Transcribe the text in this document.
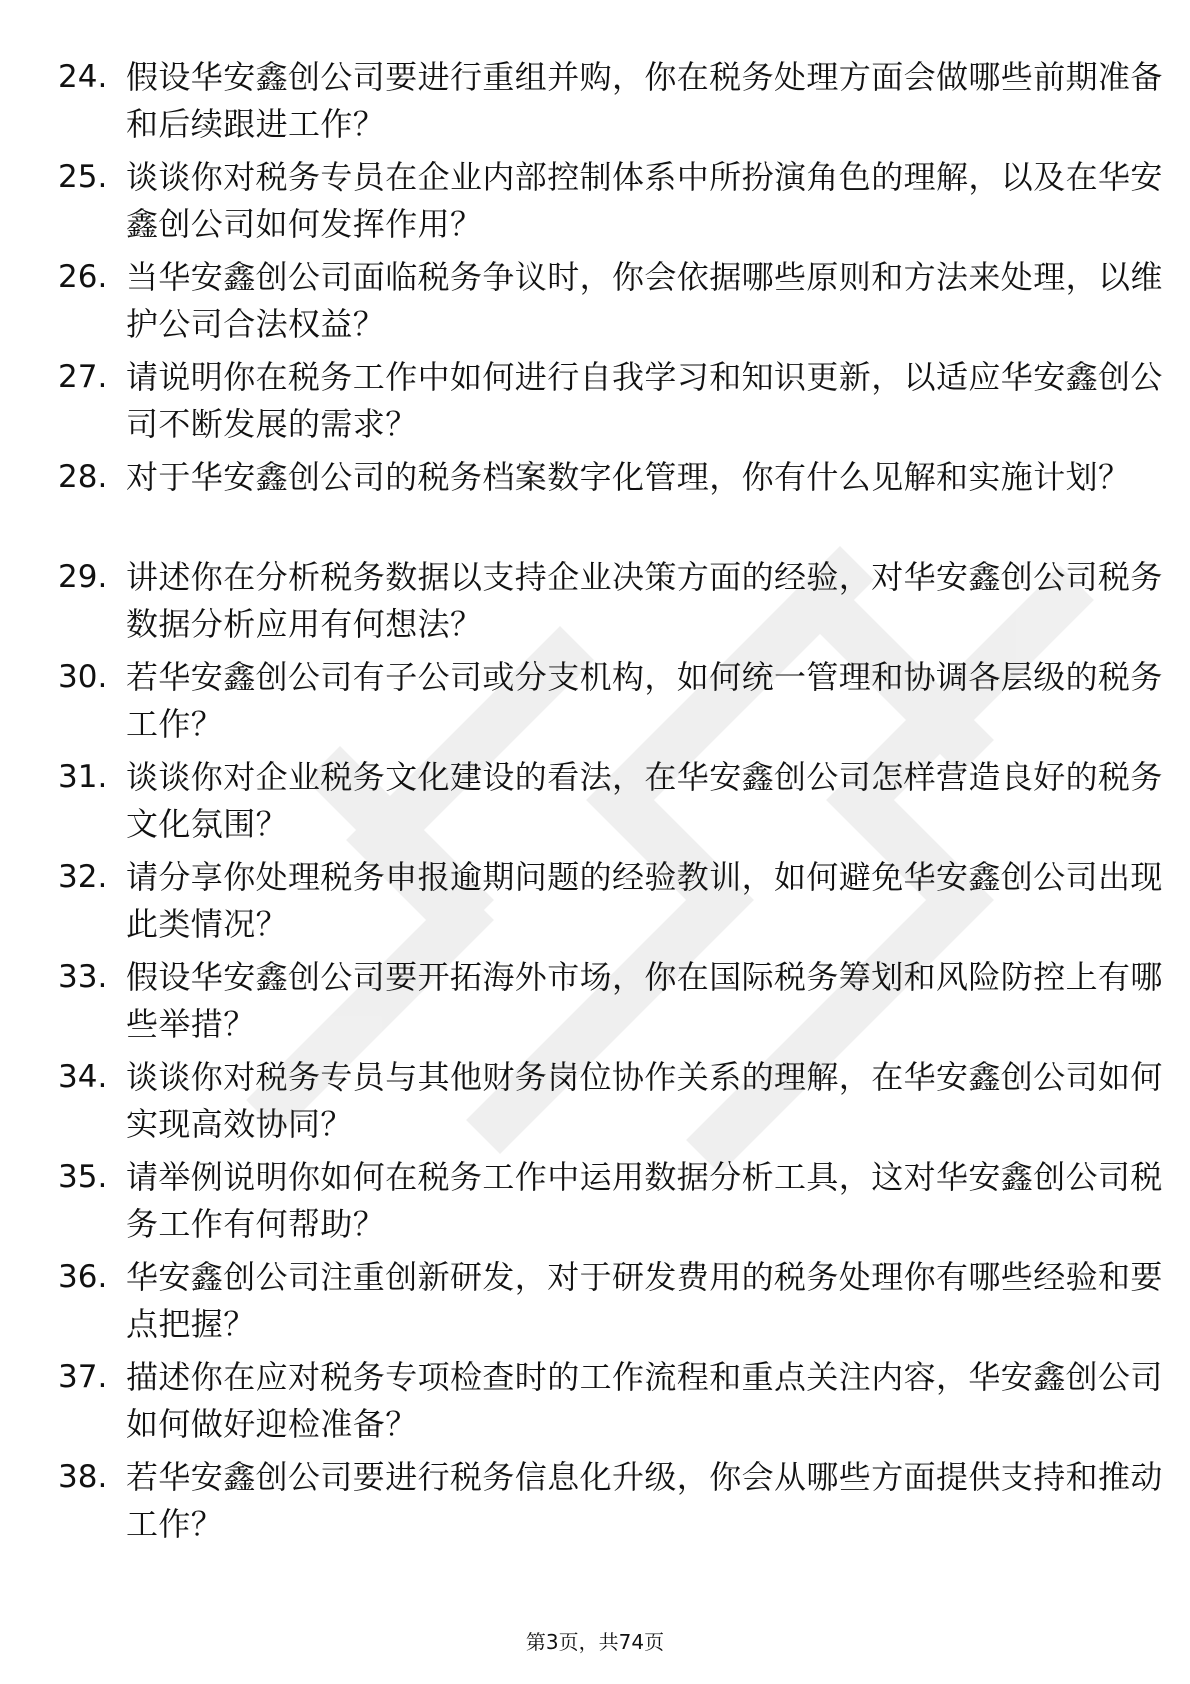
24. 假设华安鑫创公司要进行重组并购，你在税务处理方面会做哪些前期准备和后续跟进工作？
25. 谈谈你对税务专员在企业内部控制体系中所扮演角色的理解，以及在华安鑫创公司如何发挥作用？
26. 当华安鑫创公司面临税务争议时，你会依据哪些原则和方法来处理，以维护公司合法权益？
27. 请说明你在税务工作中如何进行自我学习和知识更新，以适应华安鑫创公司不断发展的需求？
28. 对于华安鑫创公司的税务档案数字化管理，你有什么见解和实施计划？
29. 讲述你在分析税务数据以支持企业决策方面的经验，对华安鑫创公司税务数据分析应用有何想法？
30. 若华安鑫创公司有子公司或分支机构，如何统一管理和协调各层级的税务工作？
31. 谈谈你对企业税务文化建设的看法，在华安鑫创公司怎样营造良好的税务文化氛围？
32. 请分享你处理税务申报逾期问题的经验教训，如何避免华安鑫创公司出现此类情况？
33. 假设华安鑫创公司要开拓海外市场，你在国际税务筹划和风险防控上有哪些举措？
34. 谈谈你对税务专员与其他财务岗位协作关系的理解，在华安鑫创公司如何实现高效协同？
35. 请举例说明你如何在税务工作中运用数据分析工具，这对华安鑫创公司税务工作有何帮助？
36. 华安鑫创公司注重创新研发，对于研发费用的税务处理你有哪些经验和要点把握？
37. 描述你在应对税务专项检查时的工作流程和重点关注内容，华安鑫创公司如何做好迎检准备？
38. 若华安鑫创公司要进行税务信息化升级，你会从哪些方面提供支持和推动工作？
第3页，共74页
